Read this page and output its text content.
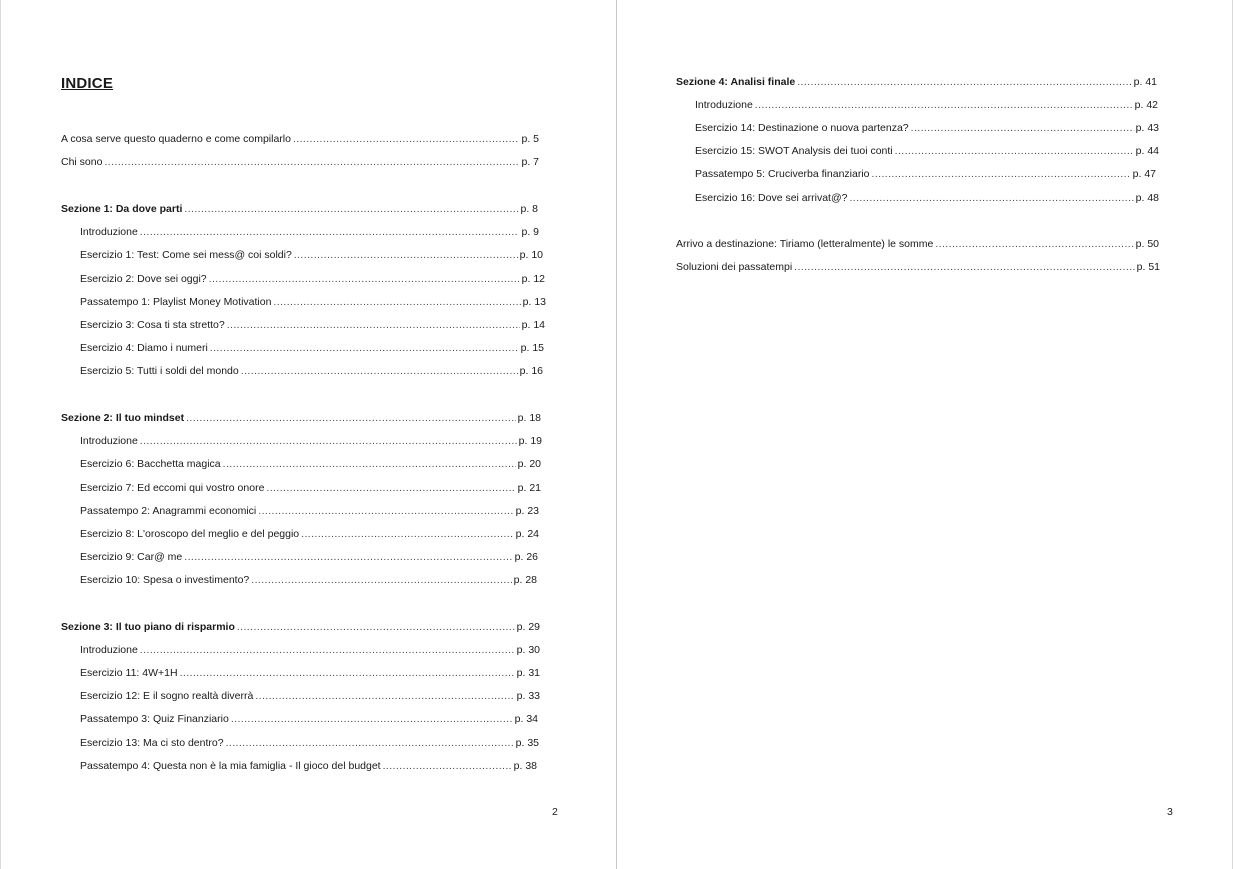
INDICE
A cosa serve questo quaderno e come compilarlo .....	p. 5
Chi sono .....	p. 7
Sezione 1: Da dove parti .....	p. 8
Introduzione .....	p. 9
Esercizio 1: Test: Come sei mess@ coi soldi? .....	p. 10
Esercizio 2: Dove sei oggi? .....	p. 12
Passatempo 1: Playlist Money Motivation .....	p. 13
Esercizio 3: Cosa ti sta stretto? .....	p. 14
Esercizio 4: Diamo i numeri .....	p. 15
Esercizio 5: Tutti i soldi del mondo .....	p. 16
Sezione 2: Il tuo mindset .....	p. 18
Introduzione .....	p. 19
Esercizio 6: Bacchetta magica .....	p. 20
Esercizio 7: Ed eccomi qui vostro onore .....	p. 21
Passatempo 2: Anagrammi economici .....	p. 23
Esercizio 8: L'oroscopo del meglio e del peggio .....	p. 24
Esercizio 9: Car@ me .....	p. 26
Esercizio 10: Spesa o investimento? .....	p. 28
Sezione 3: Il tuo piano di risparmio .....	p. 29
Introduzione .....	p. 30
Esercizio 11: 4W+1H .....	p. 31
Esercizio 12: E il sogno realtà diverrà .....	p. 33
Passatempo 3: Quiz Finanziario .....	p. 34
Esercizio 13: Ma ci sto dentro? .....	p. 35
Passatempo 4: Questa non è la mia famiglia - Il gioco del budget .....	p. 38
2
Sezione 4: Analisi finale .....	p. 41
Introduzione .....	p. 42
Esercizio 14: Destinazione o nuova partenza? .....	p. 43
Esercizio 15: SWOT Analysis dei tuoi conti .....	p. 44
Passatempo 5: Cruciverba finanziario .....	p. 47
Esercizio 16: Dove sei arrivat@? .....	p. 48
Arrivo a destinazione: Tiriamo (letteralmente) le somme .....	p. 50
Soluzioni dei passatempi .....	p. 51
3
